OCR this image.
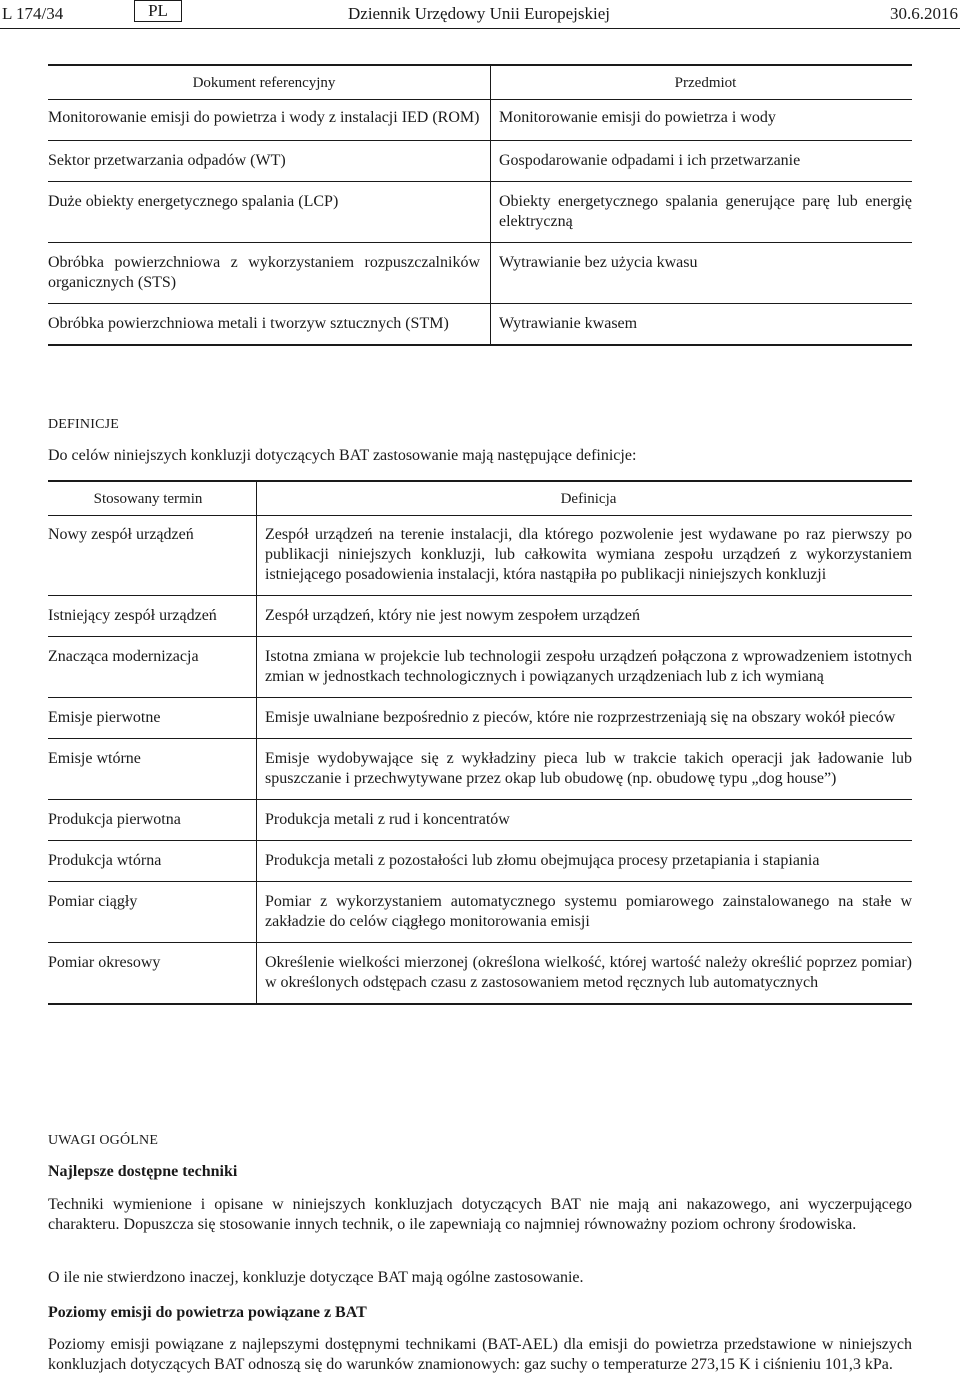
L 174/34	PL	Dziennik Urzędowy Unii Europejskiej	30.6.2016
Dokument referencyjny	Przedmiot
Monitorowanie emisji do powietrza i wody z instalacji IED (ROM)	Monitorowanie emisji do powietrza i wody
Sektor przetwarzania odpadów (WT)	Gospodarowanie odpadami i ich przetwarzanie
Duże obiekty energetycznego spalania (LCP)	Obiekty energetycznego spalania generujące parę lub energię elektryczną
Obróbka powierzchniowa z wykorzystaniem rozpuszczalników organicznych (STS)	Wytrawianie bez użycia kwasu
Obróbka powierzchniowa metali i tworzyw sztucznych (STM)	Wytrawianie kwasem
DEFINICJE
Do celów niniejszych konkluzji dotyczących BAT zastosowanie mają następujące definicje:
Stosowany termin	Definicja
Nowy zespół urządzeń	Zespół urządzeń na terenie instalacji, dla którego pozwolenie jest wydawane po raz pierwszy po publikacji niniejszych konkluzji, lub całkowita wymiana zespołu urządzeń z wykorzystaniem istniejącego posadowienia instalacji, która nastąpiła po publikacji niniejszych konkluzji
Istniejący zespół urządzeń	Zespół urządzeń, który nie jest nowym zespołem urządzeń
Znacząca modernizacja	Istotna zmiana w projekcie lub technologii zespołu urządzeń połączona z wprowadzeniem istotnych zmian w jednostkach technologicznych i powiązanych urządzeniach lub z ich wymianą
Emisje pierwotne	Emisje uwalniane bezpośrednio z pieców, które nie rozprzestrzeniają się na obszary wokół pieców
Emisje wtórne	Emisje wydobywające się z wykładziny pieca lub w trakcie takich operacji jak ładowanie lub spuszczanie i przechwytywane przez okap lub obudowę (np. obudowę typu „dog house”)
Produkcja pierwotna	Produkcja metali z rud i koncentratów
Produkcja wtórna	Produkcja metali z pozostałości lub złomu obejmująca procesy przetapiania i stapiania
Pomiar ciągły	Pomiar z wykorzystaniem automatycznego systemu pomiarowego zainstalowanego na stałe w zakładzie do celów ciągłego monitorowania emisji
Pomiar okresowy	Określenie wielkości mierzonej (określona wielkość, której wartość należy określić poprzez pomiar) w określonych odstępach czasu z zastosowaniem metod ręcznych lub automatycznych
UWAGI OGÓLNE
Najlepsze dostępne techniki
Techniki wymienione i opisane w niniejszych konkluzjach dotyczących BAT nie mają ani nakazowego, ani wyczerpującego charakteru. Dopuszcza się stosowanie innych technik, o ile zapewniają co najmniej równoważny poziom ochrony środowiska.
O ile nie stwierdzono inaczej, konkluzje dotyczące BAT mają ogólne zastosowanie.
Poziomy emisji do powietrza powiązane z BAT
Poziomy emisji powiązane z najlepszymi dostępnymi technikami (BAT-AEL) dla emisji do powietrza przedstawione w niniejszych konkluzjach dotyczących BAT odnoszą się do warunków znamionowych: gaz suchy o temperaturze 273,15 K i ciśnieniu 101,3 kPa.
